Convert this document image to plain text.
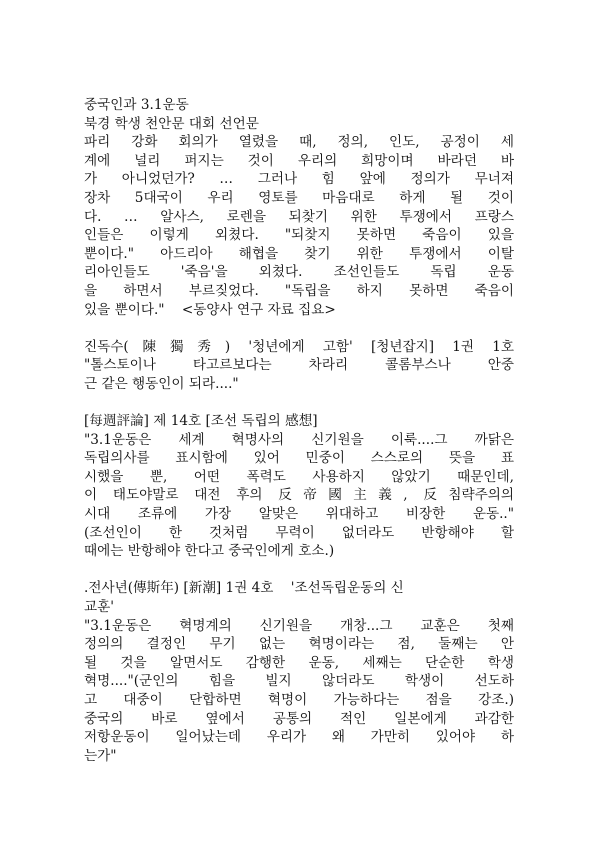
중국인과 3.1운동
북경 학생 천안문 대회 선언문
파리 강화 회의가 열렸을 때, 정의, 인도, 공정이 세
계에 널리 퍼지는 것이 우리의 희망이며 바라던 바
가 아니었던가? … 그러나 힘 앞에 정의가 무너져
장차 5대국이 우리 영토를 마음대로 하게 될 것이
다. … 알사스, 로렌을 되찾기 위한 투쟁에서 프랑스
인들은 이렇게 외쳤다. "되찾지 못하면 죽음이 있을
뿐이다." 아드리아 해협을 찾기 위한 투쟁에서 이탈
리아인들도 '죽음'을 외쳤다. 조선인들도 독립 운동
을 하면서 부르짖었다. "독립을 하지 못하면 죽음이
있을 뿐이다."    <동양사 연구 자료 집요>
진독수(陳獨秀) '청년에게 고함' [청년잡지] 1권 1호
"톨스토이나 타고르보다는 차라리 콜롬부스나 안중
근 같은 행동인이 되라...."
[每週評論] 제 14호 [조선 독립의 感想]
"3.1운동은 세계 혁명사의 신기원을 이룩....그 까닭은
독립의사를 표시함에 있어 민중이 스스로의 뜻을 표
시했을 뿐, 어떤 폭력도 사용하지 않았기 때문인데,
이 태도야말로 대전 후의 反帝國主義, 反침략주의의
시대 조류에 가장 알맞은 위대하고 비장한 운동.."
(조선인이 한 것처럼 무력이 없더라도 반항해야 할
때에는 반항해야 한다고 중국인에게 호소.)
.전사년(傳斯年) [新潮] 1권 4호    '조선독립운동의 신
교훈'
"3.1운동은 혁명계의 신기원을 개창...그 교훈은 첫째
정의의 결정인 무기 없는 혁명이라는 점, 둘째는 안
될 것을 알면서도 감행한 운동, 세째는 단순한 학생
혁명...."(군인의 힘을 빌지 않더라도 학생이 선도하
고 대중이 단합하면 혁명이 가능하다는 점을 강조.)
중국의 바로 옆에서 공통의 적인 일본에게 과감한
저항운동이 일어났는데 우리가 왜 가만히 있어야 하
는가"
